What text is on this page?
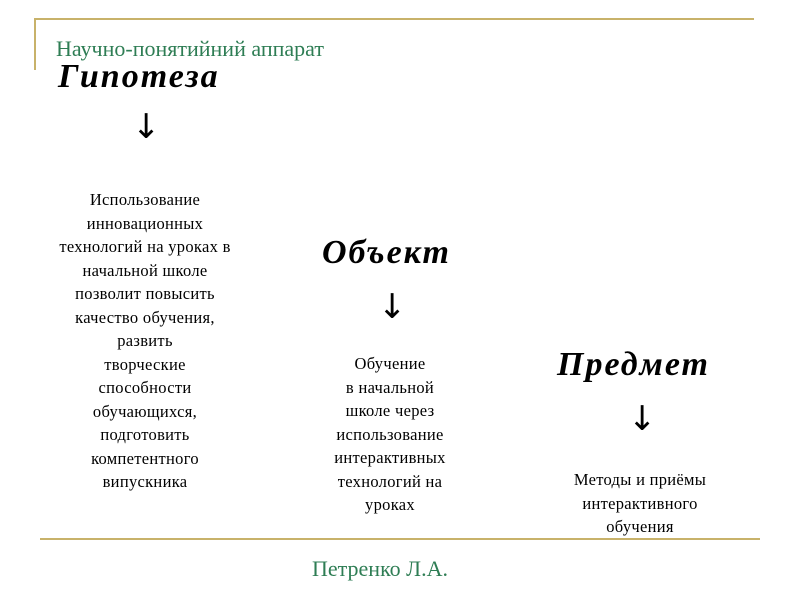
Научно-понятийний аппарат
Гипотеза
↓
Использование
инновационных
технологий на уроках в
начальной школе
позволит повысить
качество обучения,
развить
творческие
способности
обучающихся,
подготовить
компетентного
випускника
Объект
↓
Обучение
в начальной
школе через
использование
интерактивных
технологий на
уроках
Предмет
↓
Методы и приёмы
интерактивного
обучения
Петренко Л.А.
